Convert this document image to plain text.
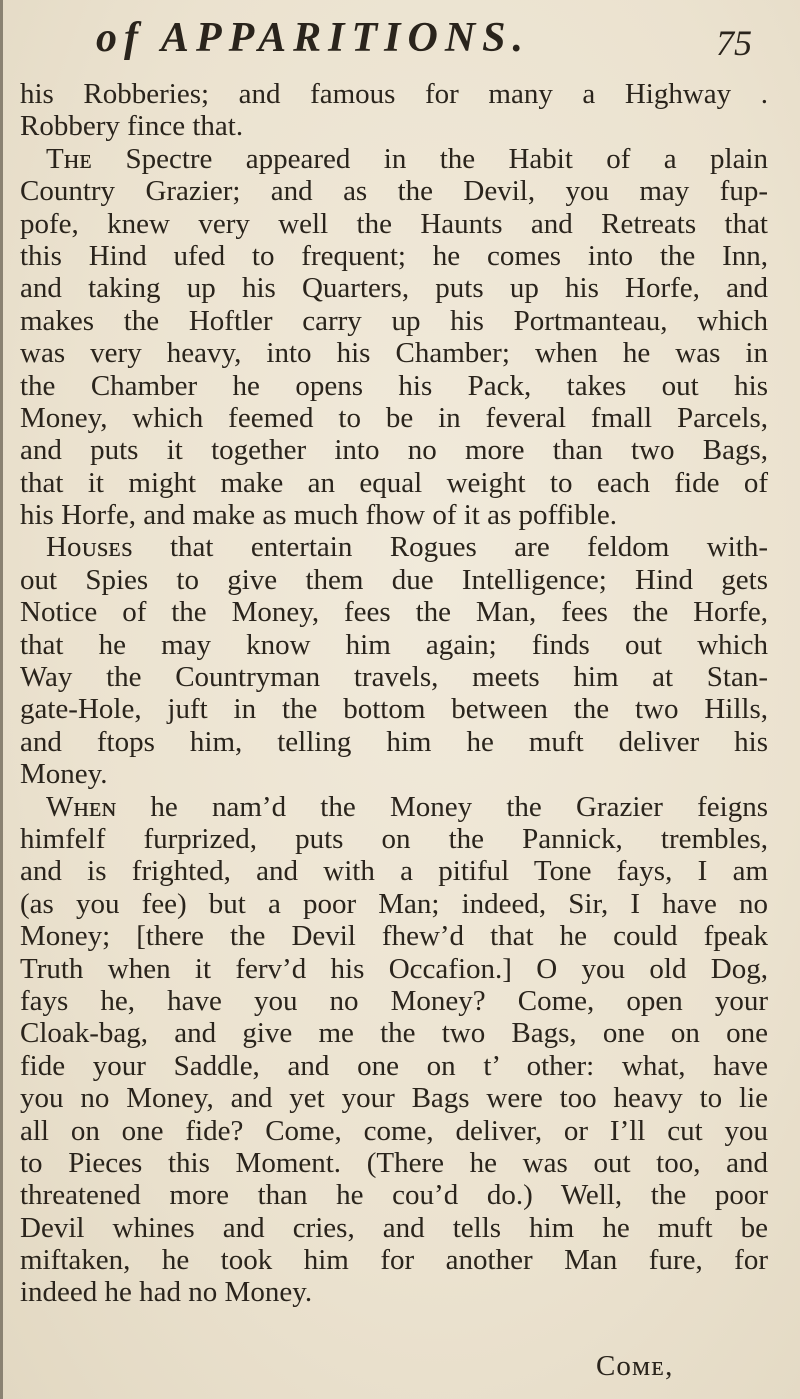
of APPARITIONS.	75
his Robberies; and famous for many a Highway .
Robbery fince that.
Tʜᴇ Spectre appeared in the Habit of a plain
Country Grazier; and as the Devil, you may fup-
pofe, knew very well the Haunts and Retreats that
this Hind ufed to frequent; he comes into the Inn,
and taking up his Quarters, puts up his Horfe, and
makes the Hoftler carry up his Portmanteau, which
was very heavy, into his Chamber; when he was in
the Chamber he opens his Pack, takes out his
Money, which feemed to be in feveral fmall Parcels,
and puts it together into no more than two Bags,
that it might make an equal weight to each fide of
his Horfe, and make as much fhow of it as poffible.
Hᴏᴜsᴇs that entertain Rogues are feldom with-
out Spies to give them due Intelligence; Hind gets
Notice of the Money, fees the Man, fees the Horfe,
that he may know him again; finds out which
Way the Countryman travels, meets him at Stan-
gate-Hole, juft in the bottom between the two Hills,
and ftops him, telling him he muft deliver his
Money.
Wʜᴇɴ he nam’d the Money the Grazier feigns
himfelf furprized, puts on the Pannick, trembles,
and is frighted, and with a pitiful Tone fays, I am
(as you fee) but a poor Man; indeed, Sir, I have no
Money; [there the Devil fhew’d that he could fpeak
Truth when it ferv’d his Occafion.] O you old Dog,
fays he, have you no Money? Come, open your
Cloak-bag, and give me the two Bags, one on one
fide your Saddle, and one on t’ other: what, have
you no Money, and yet your Bags were too heavy to lie
all on one fide? Come, come, deliver, or I’ll cut you
to Pieces this Moment. (There he was out too, and
threatened more than he cou’d do.) Well, the poor
Devil whines and cries, and tells him he muft be
miftaken, he took him for another Man fure, for
indeed he had no Money.
Cᴏᴍᴇ,
